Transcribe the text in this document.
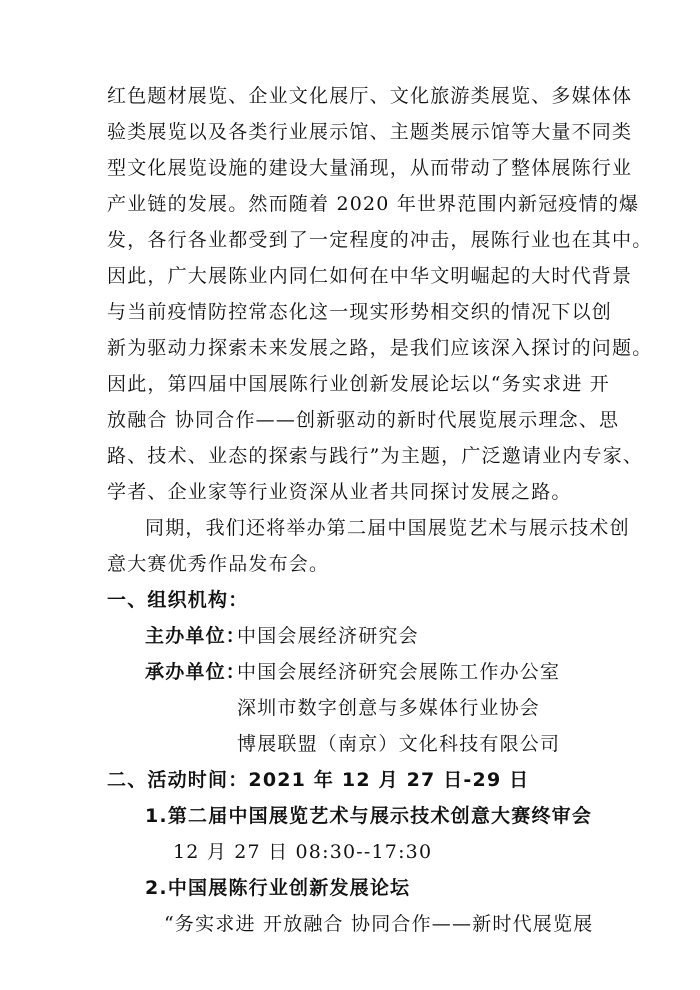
红色题材展览、企业文化展厅、文化旅游类展览、多媒体体
验类展览以及各类行业展示馆、主题类展示馆等大量不同类
型文化展览设施的建设大量涌现，从而带动了整体展陈行业
产业链的发展。然而随着 2020 年世界范围内新冠疫情的爆
发，各行各业都受到了一定程度的冲击，展陈行业也在其中。
因此，广大展陈业内同仁如何在中华文明崛起的大时代背景
与当前疫情防控常态化这一现实形势相交织的情况下以创
新为驱动力探索未来发展之路，是我们应该深入探讨的问题。
因此，第四届中国展陈行业创新发展论坛以“务实求进 开
放融合 协同合作——创新驱动的新时代展览展示理念、思
路、技术、业态的探索与践行”为主题，广泛邀请业内专家、
学者、企业家等行业资深从业者共同探讨发展之路。
同期，我们还将举办第二届中国展览艺术与展示技术创
意大赛优秀作品发布会。
一、组织机构：
主办单位：
中国会展经济研究会
承办单位：
中国会展经济研究会展陈工作办公室
深圳市数字创意与多媒体行业协会
博展联盟（南京）文化科技有限公司
二、活动时间：2021 年 12 月 27 日-29 日
1.第二届中国展览艺术与展示技术创意大赛终审会
12 月 27 日 08:30--17:30
2.中国展陈行业创新发展论坛
“务实求进 开放融合 协同合作——新时代展览展
